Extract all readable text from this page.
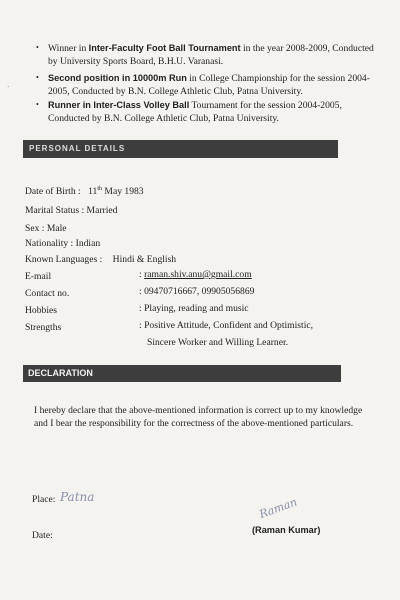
·
• Winner in Inter-Faculty Foot Ball Tournament in the year 2008-2009, Conducted by University Sports Board, B.H.U. Varanasi.
• Second position in 10000m Run in College Championship for the session 2004-2005, Conducted by B.N. College Athletic Club, Patna University.
• Runner in Inter-Class Volley Ball Tournament for the session 2004-2005, Conducted by B.N. College Athletic Club, Patna University.
PERSONAL DETAILS
Date of Birth : 11th May 1983
Marital Status : Married
Sex : Male
Nationality : Indian
Known Languages : Hindi & English
E-mail	: raman.shiv.anu@gmail.com
Contact no.	: 09470716667, 09905056869
Hobbies	: Playing, reading and music
Strengths	: Positive Attitude, Confident and Optimistic,
Sincere Worker and Willing Learner.
DECLARATION
I hereby declare that the above-mentioned information is correct up to my knowledge and I bear the responsibility for the correctness of the above-mentioned particulars.
Place: Patna
Date:
Raman
(Raman Kumar)
